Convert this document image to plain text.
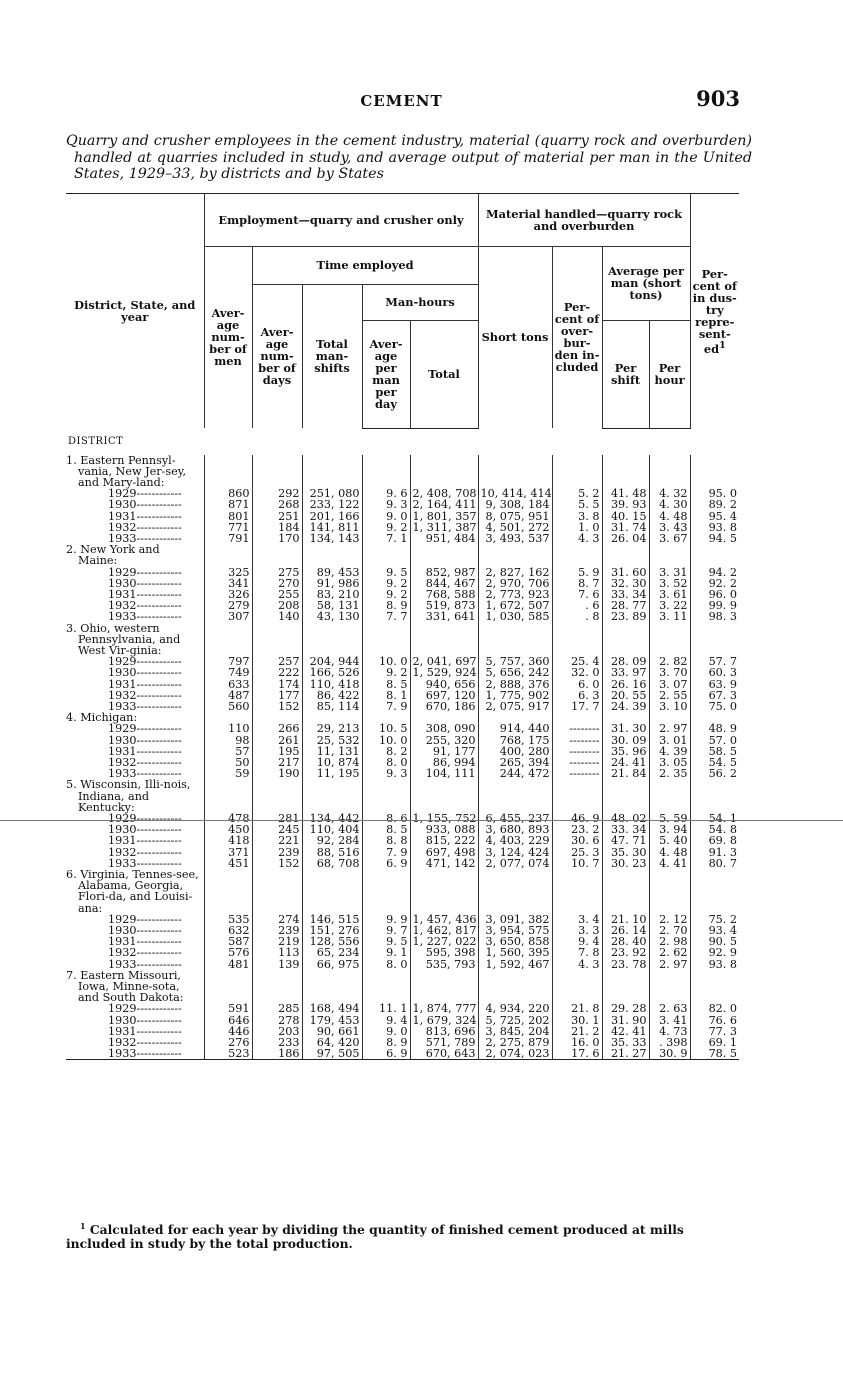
CEMENT	903
Quarry and crusher employees in the cement industry, material (quarry rock and overburden) handled at quarries included in study, and average output of material per man in the United States, 1929–33, by districts and by States
District, State, and year	Employment—quarry and crusher only					Material handled—quarry rock and overburden				Per-cent of in dus-try repre-$sent-ed^1$
	Aver-age num-ber of men	Time employed				Short tons	Per-cent of over-bur-den in-cluded	Average per man (short tons)		
		Aver-age num-ber of days	Total man-shifts	Man-hours						
				Aver-age per man per day	Total			Per shift	Per hour	
DISTRICT										
1. Eastern Pennsyl-vania, New Jer-sey, and Mary-land:										
1929------------	860	292	251, 080	9. 6	2, 408, 708	10, 414, 414	5. 2	41. 48	4. 32	95. 0
1930------------	871	268	233, 122	9. 3	2, 164, 411	9, 308, 184	5. 5	39. 93	4. 30	89. 2
1931------------	801	251	201, 166	9. 0	1, 801, 357	8, 075, 951	3. 8	40. 15	4. 48	95. 4
1932------------	771	184	141, 811	9. 2	1, 311, 387	4, 501, 272	1. 0	31. 74	3. 43	93. 8
1933------------	791	170	134, 143	7. 1	951, 484	3, 493, 537	4. 3	26. 04	3. 67	94. 5
2. New York and Maine:										
1929------------	325	275	89, 453	9. 5	852, 987	2, 827, 162	5. 9	31. 60	3. 31	94. 2
1930------------	341	270	91, 986	9. 2	844, 467	2, 970, 706	8. 7	32. 30	3. 52	92. 2
1931------------	326	255	83, 210	9. 2	768, 588	2, 773, 923	7. 6	33. 34	3. 61	96. 0
1932------------	279	208	58, 131	8. 9	519, 873	1, 672, 507	. 6	28. 77	3. 22	99. 9
1933------------	307	140	43, 130	7. 7	331, 641	1, 030, 585	. 8	23. 89	3. 11	98. 3
3. Ohio, western Pennsylvania, and West Vir-ginia:										
1929------------	797	257	204, 944	10. 0	2, 041, 697	5, 757, 360	25. 4	28. 09	2. 82	57. 7
1930------------	749	222	166, 526	9. 2	1, 529, 924	5, 656, 242	32. 0	33. 97	3. 70	60. 3
1931------------	633	174	110, 418	8. 5	940, 656	2, 888, 376	6. 0	26. 16	3. 07	63. 9
1932------------	487	177	86, 422	8. 1	697, 120	1, 775, 902	6. 3	20. 55	2. 55	67. 3
1933------------	560	152	85, 114	7. 9	670, 186	2, 075, 917	17. 7	24. 39	3. 10	75. 0
4. Michigan:										
1929------------	110	266	29, 213	10. 5	308, 090	914, 440	--------	31. 30	2. 97	48. 9
1930------------	98	261	25, 532	10. 0	255, 320	768, 175	--------	30. 09	3. 01	57. 0
1931------------	57	195	11, 131	8. 2	91, 177	400, 280	--------	35. 96	4. 39	58. 5
1932------------	50	217	10, 874	8. 0	86, 994	265, 394	--------	24. 41	3. 05	54. 5
1933------------	59	190	11, 195	9. 3	104, 111	244, 472	--------	21. 84	2. 35	56. 2
5. Wisconsin, Illi-nois, Indiana, and Kentucky:										
1929------------	478	281	134, 442	8. 6	1, 155, 752	6, 455, 237	46. 9	48. 02	5. 59	54. 1
1930------------	450	245	110, 404	8. 5	933, 088	3, 680, 893	23. 2	33. 34	3. 94	54. 8
1931------------	418	221	92, 284	8. 8	815, 222	4, 403, 229	30. 6	47. 71	5. 40	69. 8
1932------------	371	239	88, 516	7. 9	697, 498	3, 124, 424	25. 3	35. 30	4. 48	91. 3
1933------------	451	152	68, 708	6. 9	471, 142	2, 077, 074	10. 7	30. 23	4. 41	80. 7
6. Virginia, Tennes-see, Alabama, Georgia, Flori-da, and Louisi-ana:										
1929------------	535	274	146, 515	9. 9	1, 457, 436	3, 091, 382	3. 4	21. 10	2. 12	75. 2
1930------------	632	239	151, 276	9. 7	1, 462, 817	3, 954, 575	3. 3	26. 14	2. 70	93. 4
1931------------	587	219	128, 556	9. 5	1, 227, 022	3, 650, 858	9. 4	28. 40	2. 98	90. 5
1932------------	576	113	65, 234	9. 1	595, 398	1, 560, 395	7. 8	23. 92	2. 62	92. 9
1933------------	481	139	66, 975	8. 0	535, 793	1, 592, 467	4. 3	23. 78	2. 97	93. 8
7. Eastern Missouri, Iowa, Minne-sota, and South Dakota:										
1929------------	591	285	168, 494	11. 1	1, 874, 777	4, 934, 220	21. 8	29. 28	2. 63	82. 0
1930------------	646	278	179, 453	9. 4	1, 679, 324	5, 725, 202	30. 1	31. 90	3. 41	76. 6
1931------------	446	203	90, 661	9. 0	813, 696	3, 845, 204	21. 2	42. 41	4. 73	77. 3
1932------------	276	233	64, 420	8. 9	571, 789	2, 275, 879	16. 0	35. 33	. 398	69. 1
1933------------	523	186	97, 505	6. 9	670, 643	2, 074, 023	17. 6	21. 27	30. 9	78. 5
$^1$ Calculated for each year by dividing the quantity of finished cement produced at mills included in study by the total production.
